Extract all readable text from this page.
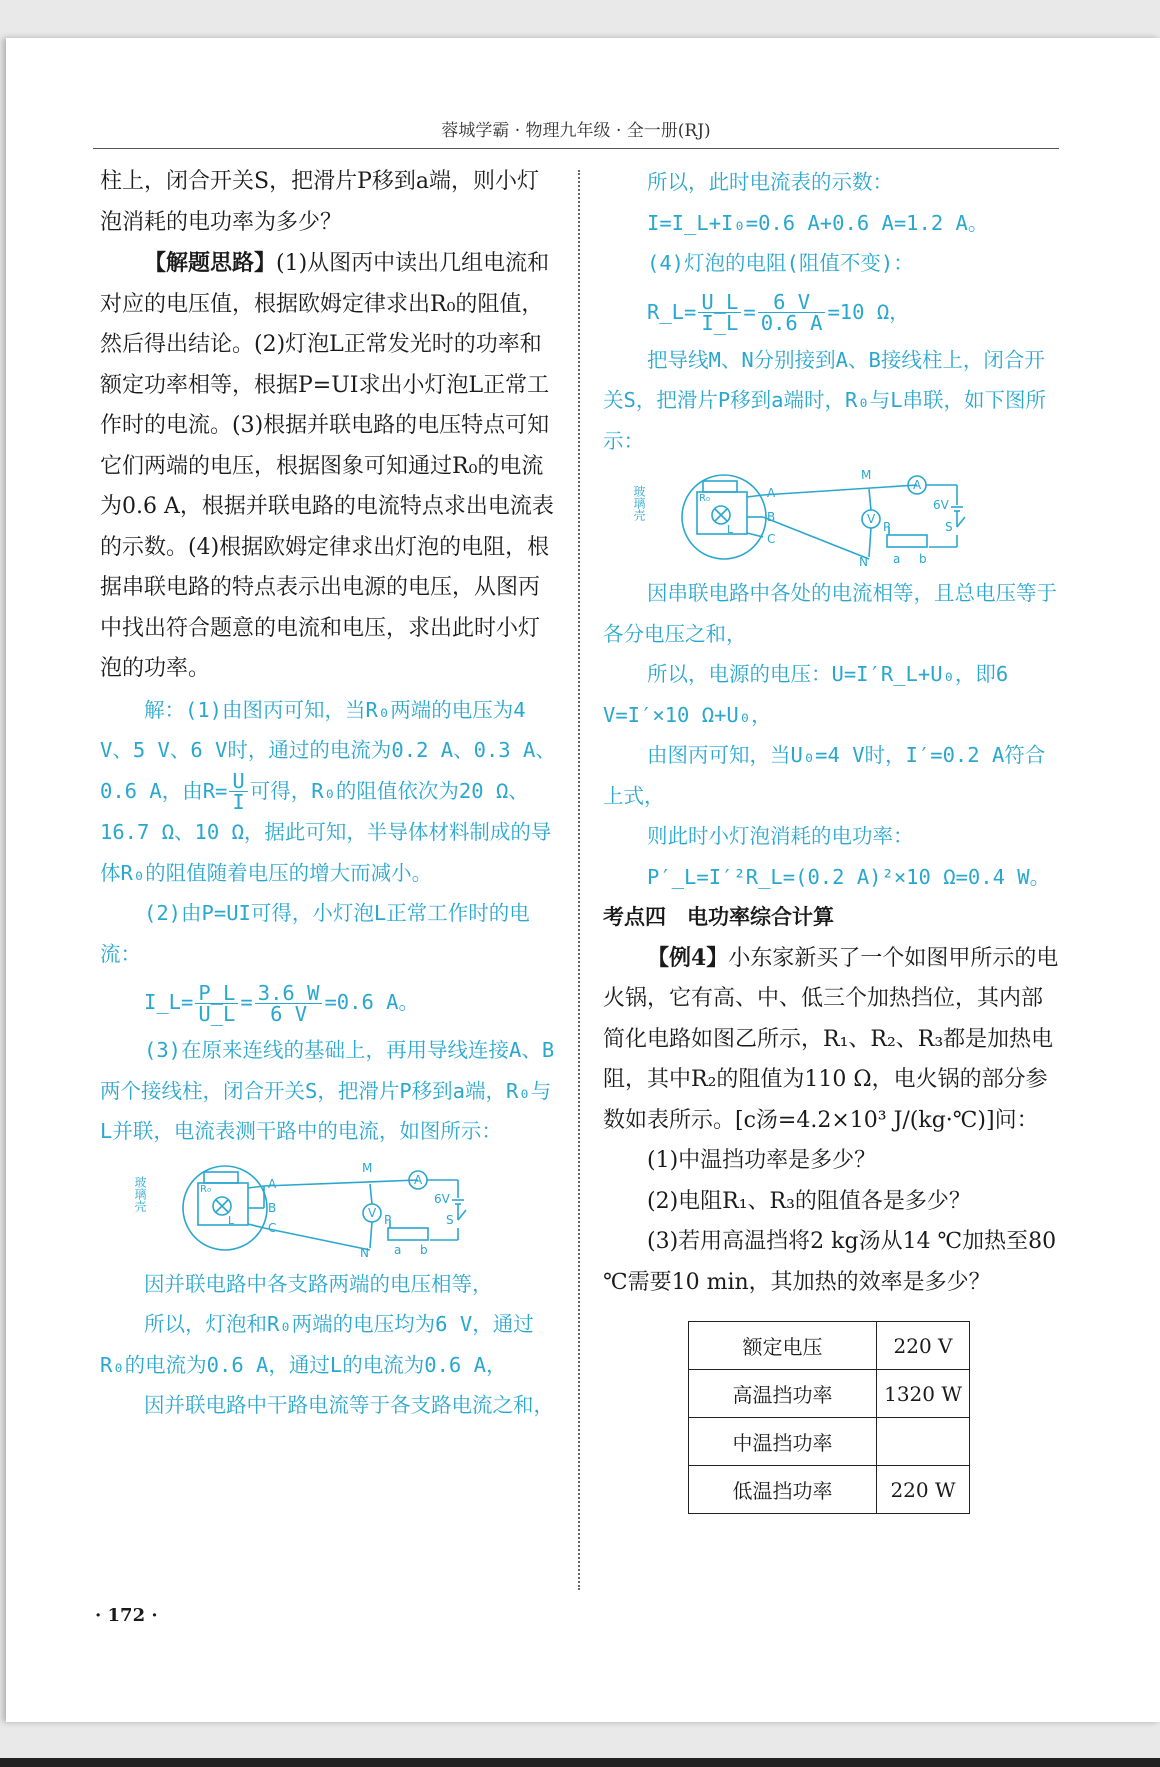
蓉城学霸 · 物理九年级 · 全一册(RJ)

柱上，闭合开关S，把滑片P移到a端，则小灯泡消耗的电功率为多少？

【解题思路】(1)从图丙中读出几组电流和对应的电压值，根据欧姆定律求出R₀的阻值，然后得出结论。(2)灯泡L正常发光时的功率和额定功率相等，根据P=UI求出小灯泡L正常工作时的电流。(3)根据并联电路的电压特点可知它们两端的电压，根据图象可知通过R₀的电流为0.6 A，根据并联电路的电流特点求出电流表的示数。(4)根据欧姆定律求出灯泡的电阻，根据串联电路的特点表示出电源的电压，从图丙中找出符合题意的电流和电压，求出此时小灯泡的功率。

解：(1)由图丙可知，当R₀两端的电压为4 V、5 V、6 V时，通过的电流为0.2 A、0.3 A、

0.6 A，由$R= \frac{U}{I}$ 可得，R₀的阻值依次为20 Ω、

16.7 Ω、10 Ω，据此可知，半导体材料制成的导体R₀的阻值随着电压的增大而减小。

(2)由P=UI可得，小灯泡L正常工作时的电流：

I_L= $\frac{P\_L}{U\_L} = \frac{3.6 W}{6 V} =0.6$ A。

(3)在原来连线的基础上，再用导线连接A、B两个接线柱，闭合开关S，把滑片P移到a端，R₀与L并联，电流表测干路中的电流，如图所示：

玻璃壳	R₀
L
A
B
C
M
N
A
V P
a b
6V
S

因并联电路中各支路两端的电压相等，

所以，灯泡和R₀两端的电压均为6 V，通过R₀的电流为0.6 A，通过L的电流为0.6 A，

因并联电路中干路电流等于各支路电流之和，

所以，此时电流表的示数：

I=I_L+I₀=0.6 A+0.6 A=1.2 A。

(4)灯泡的电阻(阻值不变)：

R_L= $\frac{U\_L}{I\_L} = \frac{6 V}{0.6 A} =10$ Ω，

把导线M、N分别接到A、B接线柱上，闭合开关S，把滑片P移到a端时，R₀与L串联，如下图所示：

玻璃壳	R₀
L
A
B
C
M
N
A
V
P
a b
6V
S

因串联电路中各处的电流相等，且总电压等于各分电压之和，

所以，电源的电压：U=I′R_L+U₀，即6 V=I′×10 Ω+U₀，

由图丙可知，当U₀=4 V时，I′=0.2 A符合上式，

则此时小灯泡消耗的电功率：

P′_L=I′²R_L=(0.2 A)²×10 Ω=0.4 W。

考点四　电功率综合计算

【例4】小东家新买了一个如图甲所示的电火锅，它有高、中、低三个加热挡位，其内部简化电路如图乙所示，R₁、R₂、R₃都是加热电阻，其中R₂的阻值为110 Ω，电火锅的部分参数如表所示。[c汤=4.2×10³ J/(kg·℃)]问：

(1)中温挡功率是多少？

(2)电阻R₁、R₃的阻值各是多少？

(3)若用高温挡将2 kg汤从14 ℃加热至80 ℃需要10 min，其加热的效率是多少？

额定电压	220 V
高温挡功率	1320 W
中温挡功率	
低温挡功率	220 W
· 172 ·
